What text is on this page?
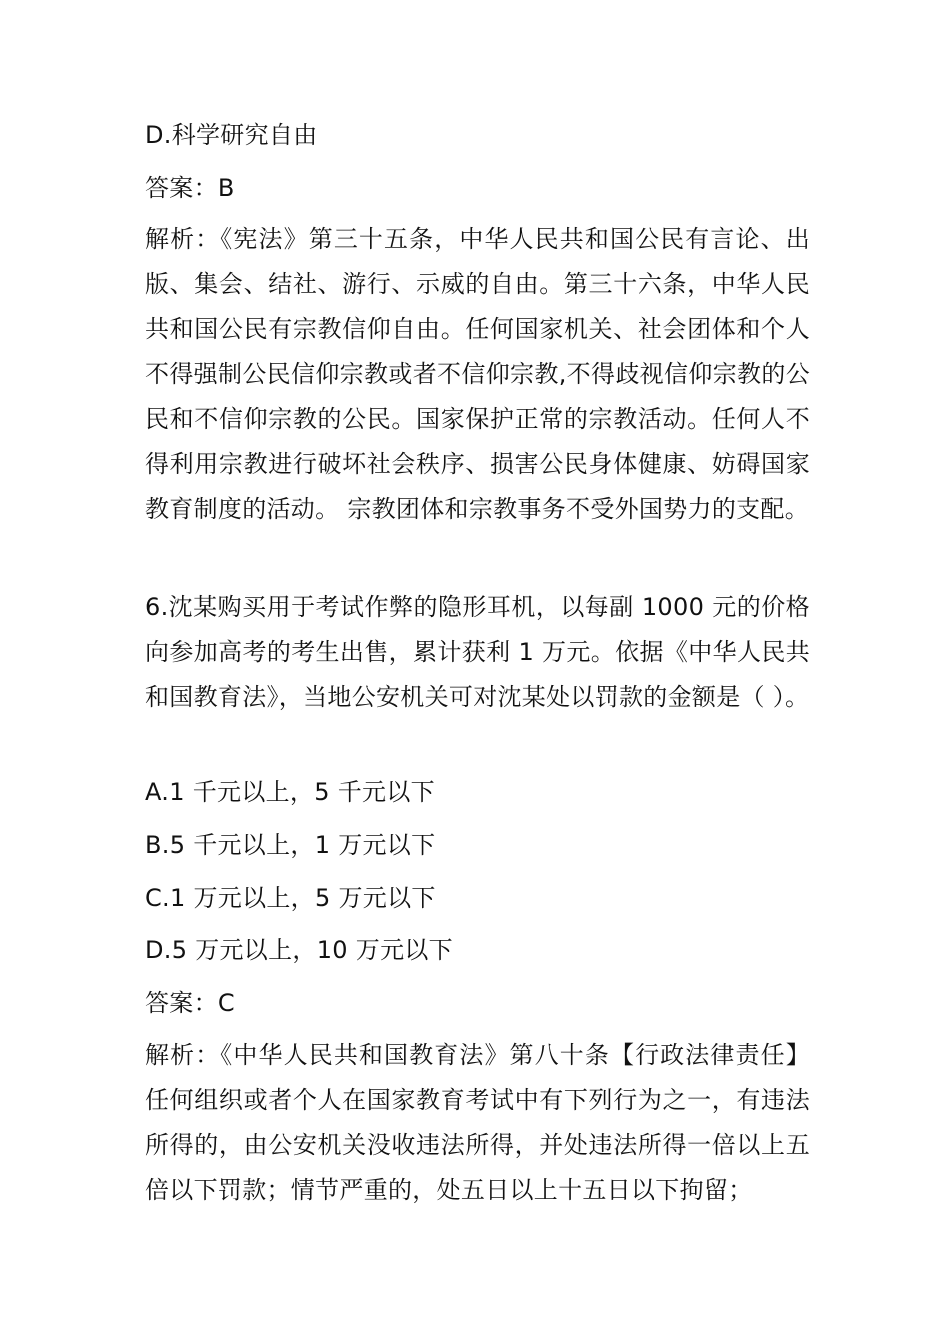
D.科学研究自由

答案：B

解析：《宪法》第三十五条，中华人民共和国公民有言论、出版、集会、结社、游行、示威的自由。第三十六条，中华人民共和国公民有宗教信仰自由。任何国家机关、社会团体和个人不得强制公民信仰宗教或者不信仰宗教,不得歧视信仰宗教的公民和不信仰宗教的公民。国家保护正常的宗教活动。任何人不得利用宗教进行破坏社会秩序、损害公民身体健康、妨碍国家教育制度的活动。 宗教团体和宗教事务不受外国势力的支配。

6.沈某购买用于考试作弊的隐形耳机，以每副 1000 元的价格向参加高考的考生出售，累计获利 1 万元。依据《中华人民共和国教育法》，当地公安机关可对沈某处以罚款的金额是（ ）。

A.1 千元以上，5 千元以下

B.5 千元以上，1 万元以下

C.1 万元以上，5 万元以下

D.5 万元以上，10 万元以下

答案：C

解析：《中华人民共和国教育法》第八十条【行政法律责任】任何组织或者个人在国家教育考试中有下列行为之一，有违法所得的，由公安机关没收违法所得，并处违法所得一倍以上五倍以下罚款；情节严重的，处五日以上十五日以下拘留；
